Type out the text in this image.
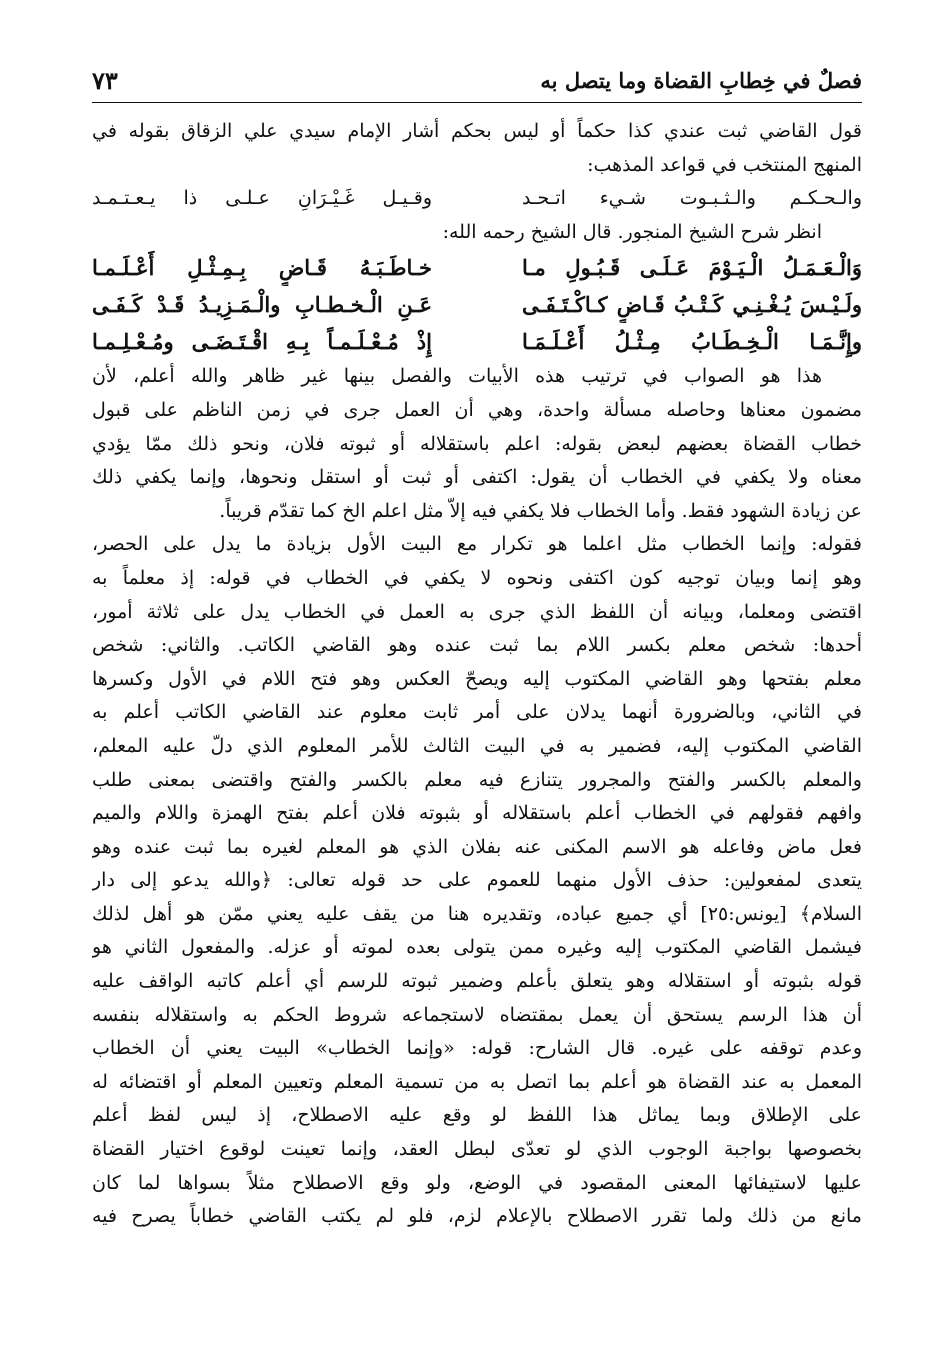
فصلٌ في خِطابِ القضاة وما يتصل به
٧٣
قول القاضي ثبت عندي كذا حكماً أو ليس بحكم أشار الإمام سيدي علي الزقاق بقوله في
المنهج المنتخب في قواعد المذهب:
والـحـكـم والـثـبـوت شـيء اتـحـد
وقـيـل غَـيْـرَانِ عـلـى ذا يـعـتـمـد
انظر شرح الشيخ المنجور. قال الشيخ رحمه الله:
وَالْـعَـمَـلُ الْـيَـوْمَ عَـلَـى قَـبُـولِ مـا
خـاطَـبَـهُ قَـاضٍ بِـمِـثْـلِ أَعْـلَـمـا
ولَـيْـسَ يُـغْـنِـي كَـتْـبُ قَـاضٍ كـاكْـتَـفَـى
عَـنِ الْـخـطـابِ والْـمَـزِيـدُ قَـدْ كَـفَـى
وإِنَّـمَـا الْـخِـطَـابُ مِـثْـلُ أَعْـلَـمَـا
إِذْ مُـعْـلَـمـاً بِـهِ اقْـتَـضَـى ومُـعْـلِـمـا
هذا هو الصواب في ترتيب هذه الأبيات والفصل بينها غير ظاهر والله أعلم، لأن
مضمون معناها وحاصله مسألة واحدة، وهي أن العمل جرى في زمن الناظم على قبول
خطاب القضاة بعضهم لبعض بقوله: اعلم باستقلاله أو ثبوته فلان، ونحو ذلك ممّا يؤدي
معناه ولا يكفي في الخطاب أن يقول: اكتفى أو ثبت أو استقل ونحوها، وإنما يكفي ذلك
عن زيادة الشهود فقط. وأما الخطاب فلا يكفي فيه إلاّ مثل اعلم الخ كما تقدّم قريباً.
فقوله: وإنما الخطاب مثل اعلما هو تكرار مع البيت الأول بزيادة ما يدل على الحصر،
وهو إنما وبيان توجيه كون اكتفى ونحوه لا يكفي في الخطاب في قوله: إذ معلماً به
اقتضى ومعلما، وبيانه أن اللفظ الذي جرى به العمل في الخطاب يدل على ثلاثة أمور،
أحدها: شخص معلم بكسر اللام بما ثبت عنده وهو القاضي الكاتب. والثاني: شخص
معلم بفتحها وهو القاضي المكتوب إليه ويصحّ العكس وهو فتح اللام في الأول وكسرها
في الثاني، وبالضرورة أنهما يدلان على أمر ثابت معلوم عند القاضي الكاتب أعلم به
القاضي المكتوب إليه، فضمير به في البيت الثالث للأمر المعلوم الذي دلّ عليه المعلم،
والمعلم بالكسر والفتح والمجرور يتنازع فيه معلم بالكسر والفتح واقتضى بمعنى طلب
وافهم فقولهم في الخطاب أعلم باستقلاله أو بثبوته فلان أعلم بفتح الهمزة واللام والميم
فعل ماض وفاعله هو الاسم المكنى عنه بفلان الذي هو المعلم لغيره بما ثبت عنده وهو
يتعدى لمفعولين: حذف الأول منهما للعموم على حد قوله تعالى: ﴿والله يدعو إلى دار
السلام﴾ [يونس:٢٥] أي جميع عباده، وتقديره هنا من يقف عليه يعني ممّن هو أهل لذلك
فيشمل القاضي المكتوب إليه وغيره ممن يتولى بعده لموته أو عزله. والمفعول الثاني هو
قوله بثبوته أو استقلاله وهو يتعلق بأعلم وضمير ثبوته للرسم أي أعلم كاتبه الواقف عليه
أن هذا الرسم يستحق أن يعمل بمقتضاه لاستجماعه شروط الحكم به واستقلاله بنفسه
وعدم توقفه على غيره. قال الشارح: قوله: «وإنما الخطاب» البيت يعني أن الخطاب
المعمل به عند القضاة هو أعلم بما اتصل به من تسمية المعلم وتعيين المعلم أو اقتضائه له
على الإطلاق وبما يماثل هذا اللفظ لو وقع عليه الاصطلاح، إذ ليس لفظ أعلم
بخصوصها بواجبة الوجوب الذي لو تعدّى لبطل العقد، وإنما تعينت لوقوع اختيار القضاة
عليها لاستيفائها المعنى المقصود في الوضع، ولو وقع الاصطلاح مثلاً بسواها لما كان
مانع من ذلك ولما تقرر الاصطلاح بالإعلام لزم، فلو لم يكتب القاضي خطاباً يصرح فيه
